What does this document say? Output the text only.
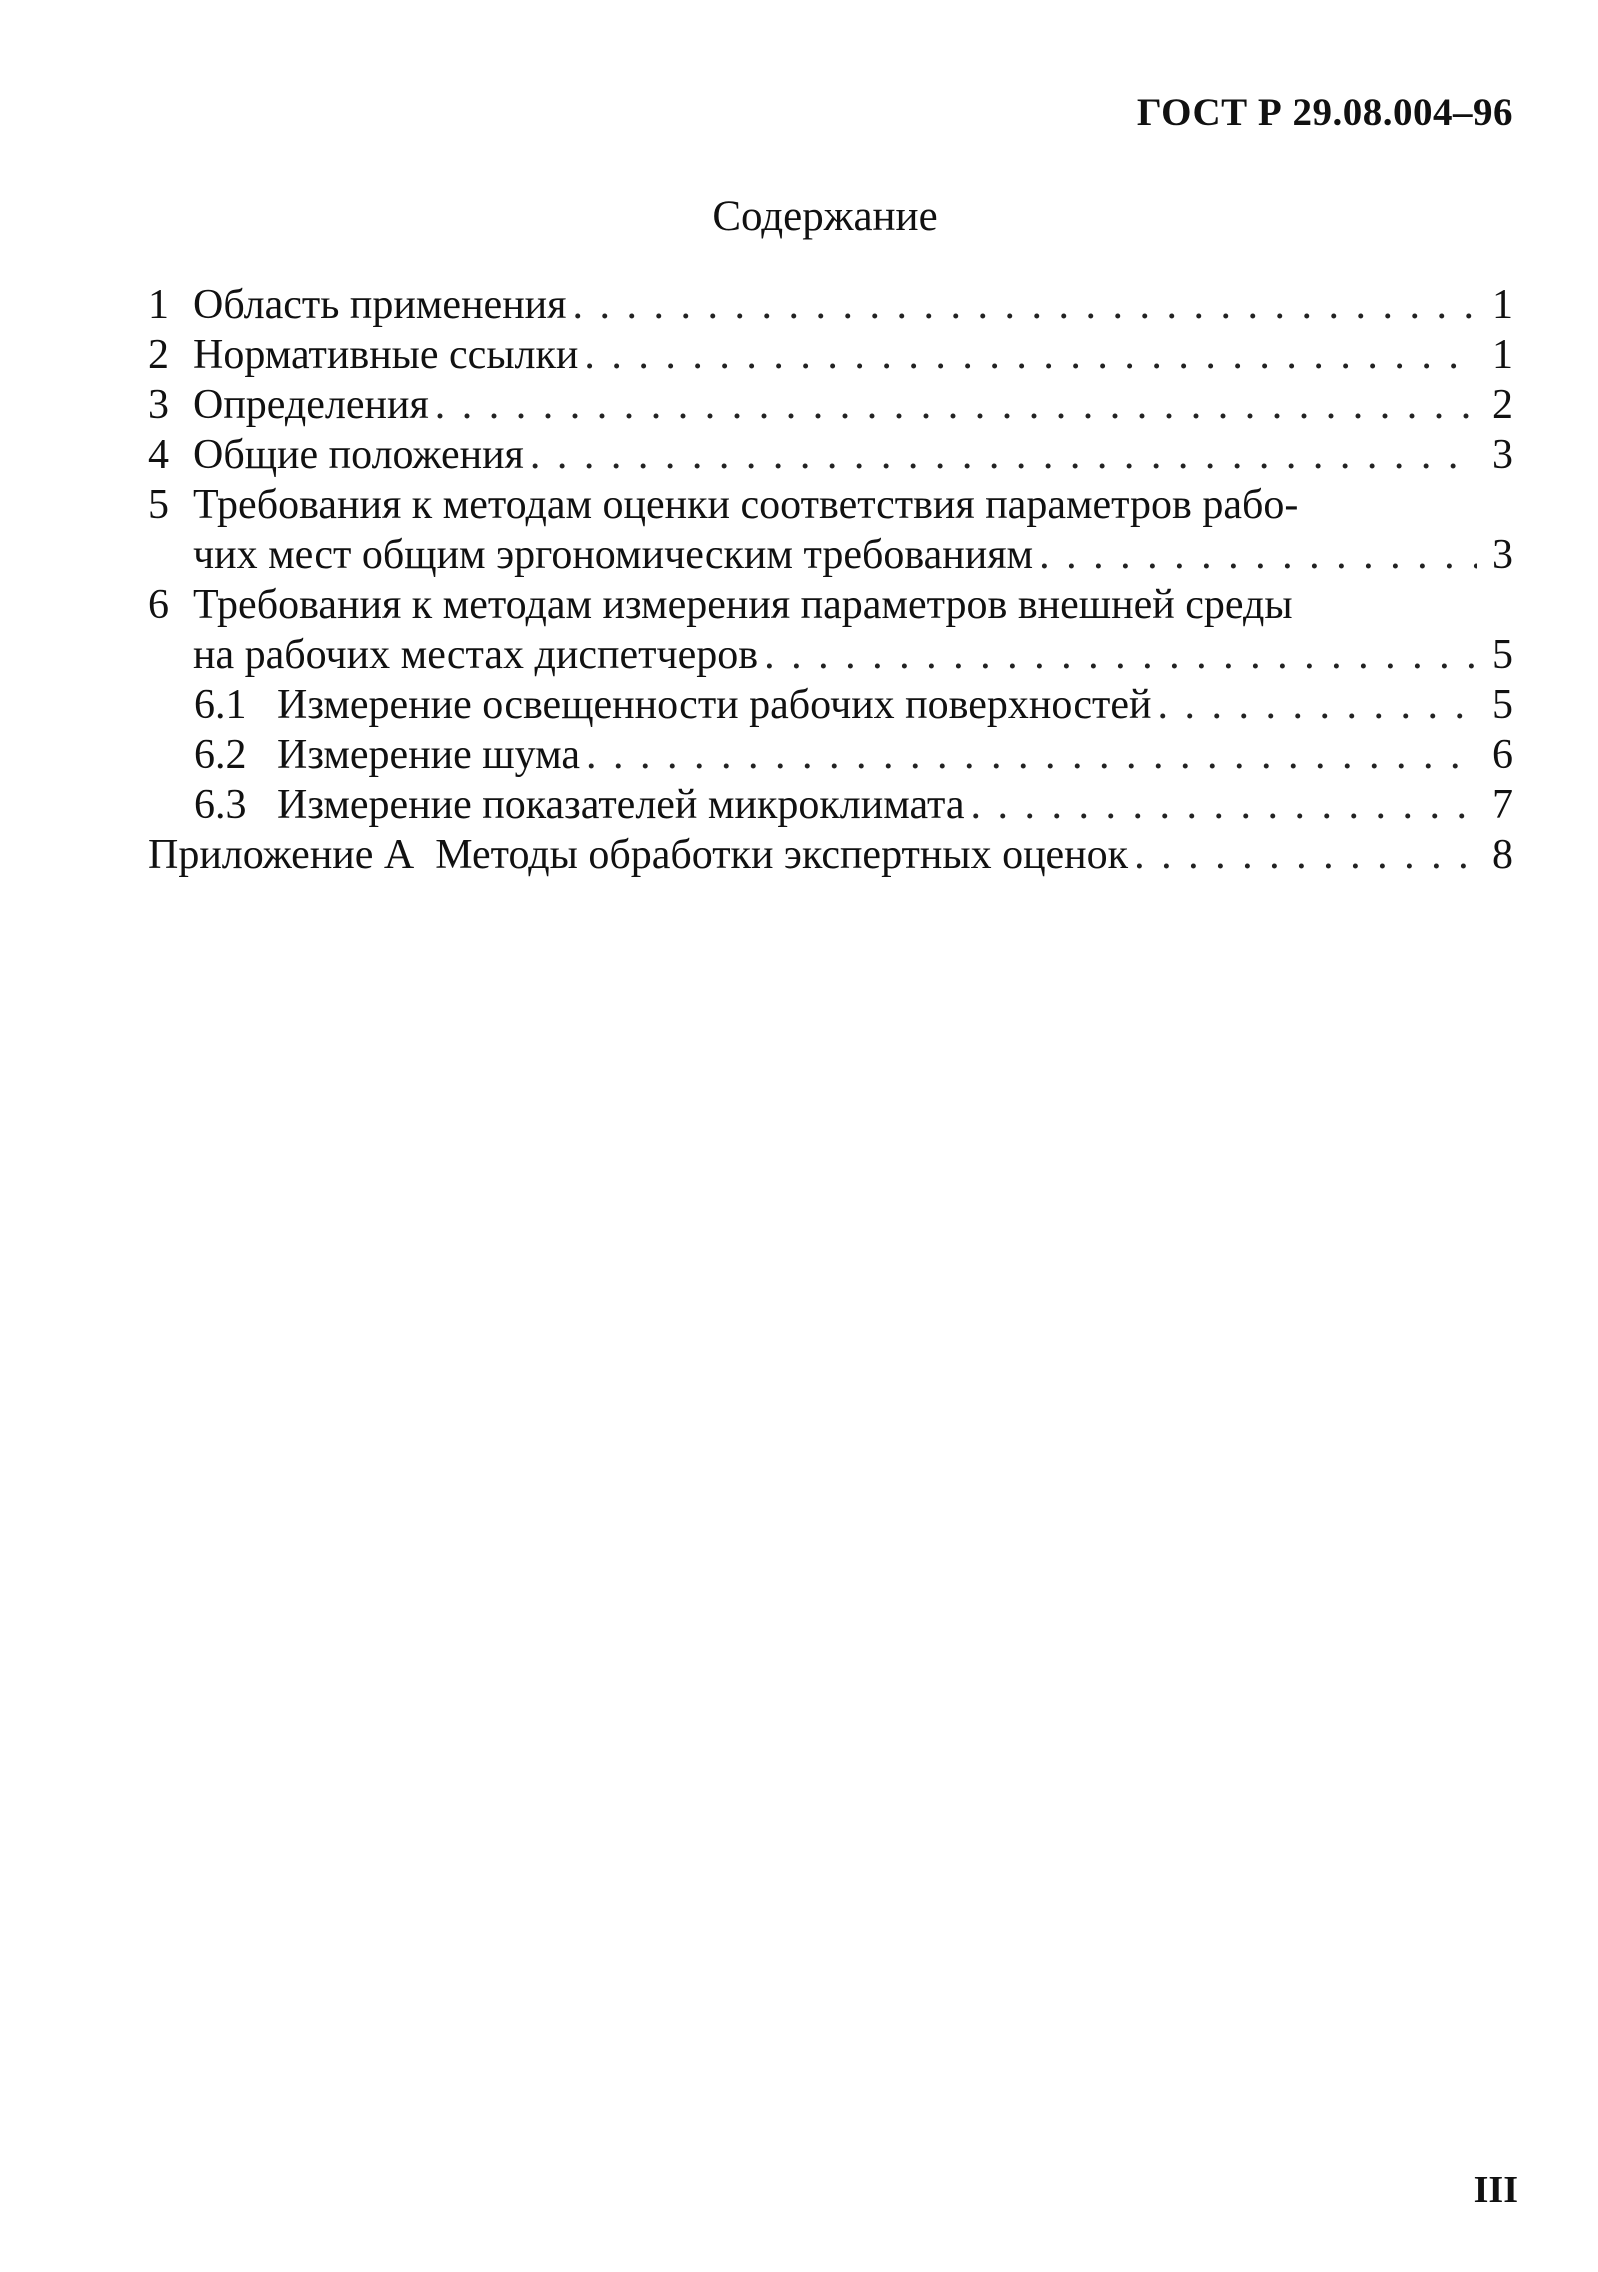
ГОСТ Р 29.08.004–96
Содержание
1 Область применения . . .	1
2 Нормативные ссылки . . .	1
3 Определения . . .	2
4 Общие положения . . .	3
5 Требования к методам оценки соответствия параметров рабо-
чих мест общим эргономическим требованиям . . .	3
6 Требования к методам измерения параметров внешней среды
на рабочих местах диспетчеров . . .	5
6.1 Измерение освещенности рабочих поверхностей . . .	5
6.2 Измерение шума . . .	6
6.3 Измерение показателей микроклимата . . .	7
Приложение А  Методы обработки экспертных оценок . . .	8
III
